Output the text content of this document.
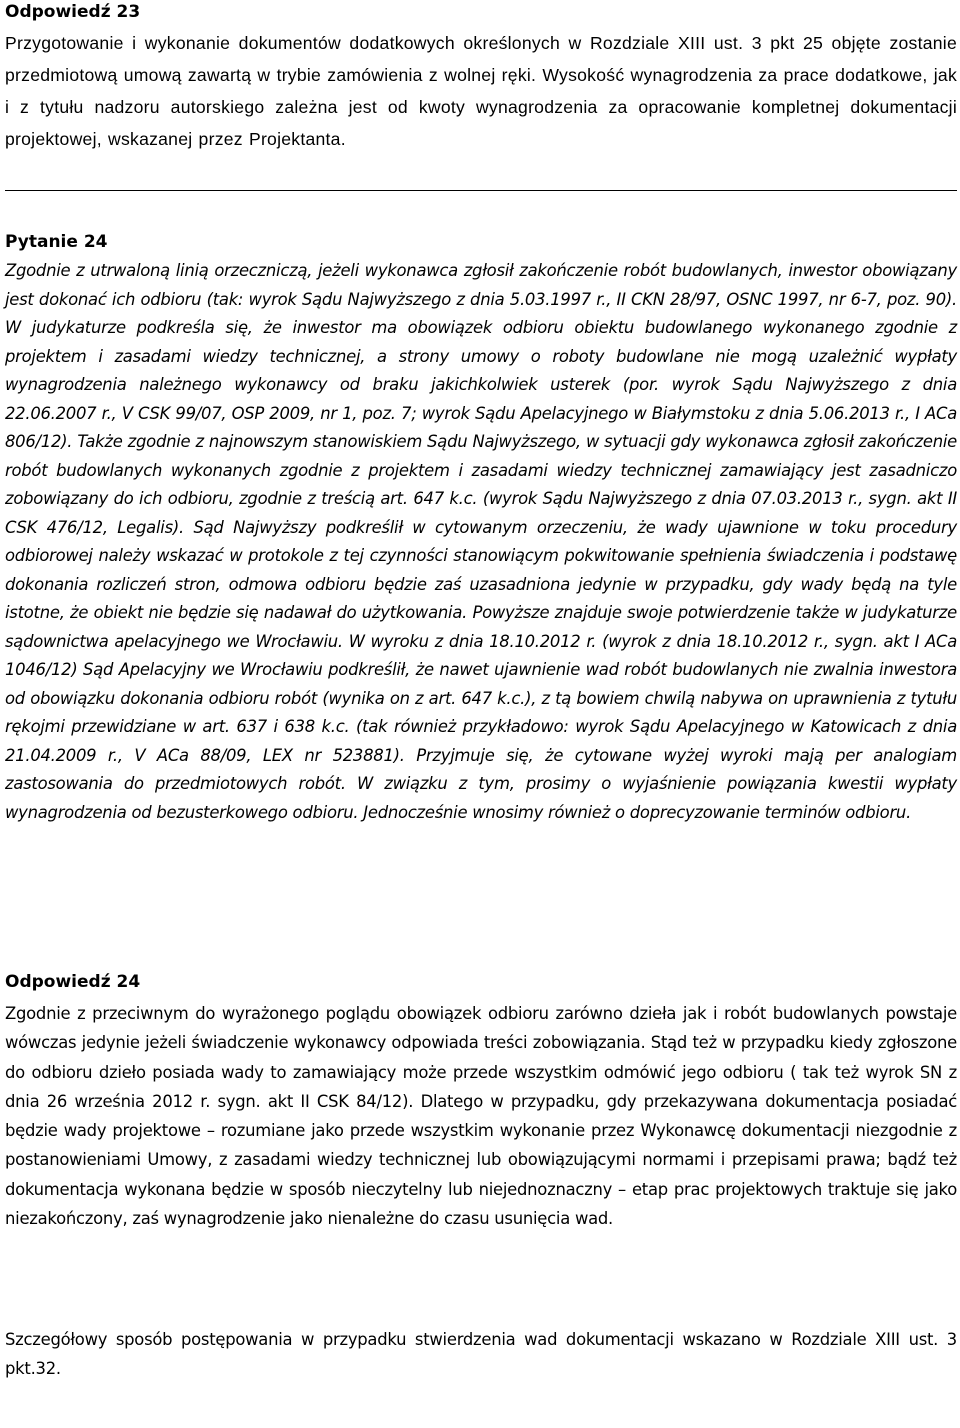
Odpowiedź 23

Przygotowanie i wykonanie dokumentów dodatkowych określonych w Rozdziale XIII ust. 3 pkt 25 objęte zostanie przedmiotową umową zawartą w trybie zamówienia z wolnej ręki. Wysokość wynagrodzenia za prace dodatkowe, jak i z tytułu nadzoru autorskiego zależna jest od kwoty wynagrodzenia za opracowanie kompletnej dokumentacji projektowej, wskazanej przez Projektanta.

Pytanie 24

Zgodnie z utrwaloną linią orzeczniczą, jeżeli wykonawca zgłosił zakończenie robót budowlanych, inwestor obowiązany jest dokonać ich odbioru (tak: wyrok Sądu Najwyższego z dnia 5.03.1997 r., II CKN 28/97, OSNC 1997, nr 6-7, poz. 90). W judykaturze podkreśla się, że inwestor ma obowiązek odbioru obiektu budowlanego wykonanego zgodnie z projektem i zasadami wiedzy technicznej, a strony umowy o roboty budowlane nie mogą uzależnić wypłaty wynagrodzenia należnego wykonawcy od braku jakichkolwiek usterek (por. wyrok Sądu Najwyższego z dnia 22.06.2007 r., V CSK 99/07, OSP 2009, nr 1, poz. 7; wyrok Sądu Apelacyjnego w Białymstoku z dnia 5.06.2013 r., I ACa 806/12). Także zgodnie z najnowszym stanowiskiem Sądu Najwyższego, w sytuacji gdy wykonawca zgłosił zakończenie robót budowlanych wykonanych zgodnie z projektem i zasadami wiedzy technicznej zamawiający jest zasadniczo zobowiązany do ich odbioru, zgodnie z treścią art. 647 k.c. (wyrok Sądu Najwyższego z dnia 07.03.2013 r., sygn. akt II CSK 476/12, Legalis). Sąd Najwyższy podkreślił w cytowanym orzeczeniu, że wady ujawnione w toku procedury odbiorowej należy wskazać w protokole z tej czynności stanowiącym pokwitowanie spełnienia świadczenia i podstawę dokonania rozliczeń stron, odmowa odbioru będzie zaś uzasadniona jedynie w przypadku, gdy wady będą na tyle istotne, że obiekt nie będzie się nadawał do użytkowania. Powyższe znajduje swoje potwierdzenie także w judykaturze sądownictwa apelacyjnego we Wrocławiu. W wyroku z dnia 18.10.2012 r. (wyrok z dnia 18.10.2012 r., sygn. akt I ACa 1046/12) Sąd Apelacyjny we Wrocławiu podkreślił, że nawet ujawnienie wad robót budowlanych nie zwalnia inwestora od obowiązku dokonania odbioru robót (wynika on z art. 647 k.c.), z tą bowiem chwilą nabywa on uprawnienia z tytułu rękojmi przewidziane w art. 637 i 638 k.c. (tak również przykładowo: wyrok Sądu Apelacyjnego w Katowicach z dnia 21.04.2009 r., V ACa 88/09, LEX nr 523881). Przyjmuje się, że cytowane wyżej wyroki mają per analogiam zastosowania do przedmiotowych robót. W związku z tym, prosimy o wyjaśnienie powiązania kwestii wypłaty wynagrodzenia od bezusterkowego odbioru. Jednocześnie wnosimy również o doprecyzowanie terminów odbioru.

Odpowiedź 24

Zgodnie z przeciwnym do wyrażonego poglądu obowiązek odbioru zarówno dzieła jak i robót budowlanych powstaje wówczas jedynie jeżeli świadczenie wykonawcy odpowiada treści zobowiązania. Stąd też w przypadku kiedy zgłoszone do odbioru dzieło posiada wady to zamawiający może przede wszystkim odmówić jego odbioru ( tak też wyrok SN z dnia 26 września 2012 r. sygn. akt II CSK 84/12). Dlatego w przypadku, gdy przekazywana dokumentacja posiadać będzie wady projektowe – rozumiane jako przede wszystkim wykonanie przez Wykonawcę dokumentacji niezgodnie z postanowieniami Umowy, z zasadami wiedzy technicznej lub obowiązującymi normami i przepisami prawa; bądź też dokumentacja wykonana będzie w sposób nieczytelny lub niejednoznaczny – etap prac projektowych traktuje się jako niezakończony, zaś wynagrodzenie jako nienależne do czasu usunięcia wad.

Szczegółowy sposób postępowania w przypadku stwierdzenia wad dokumentacji wskazano w Rozdziale XIII ust. 3 pkt.32.
